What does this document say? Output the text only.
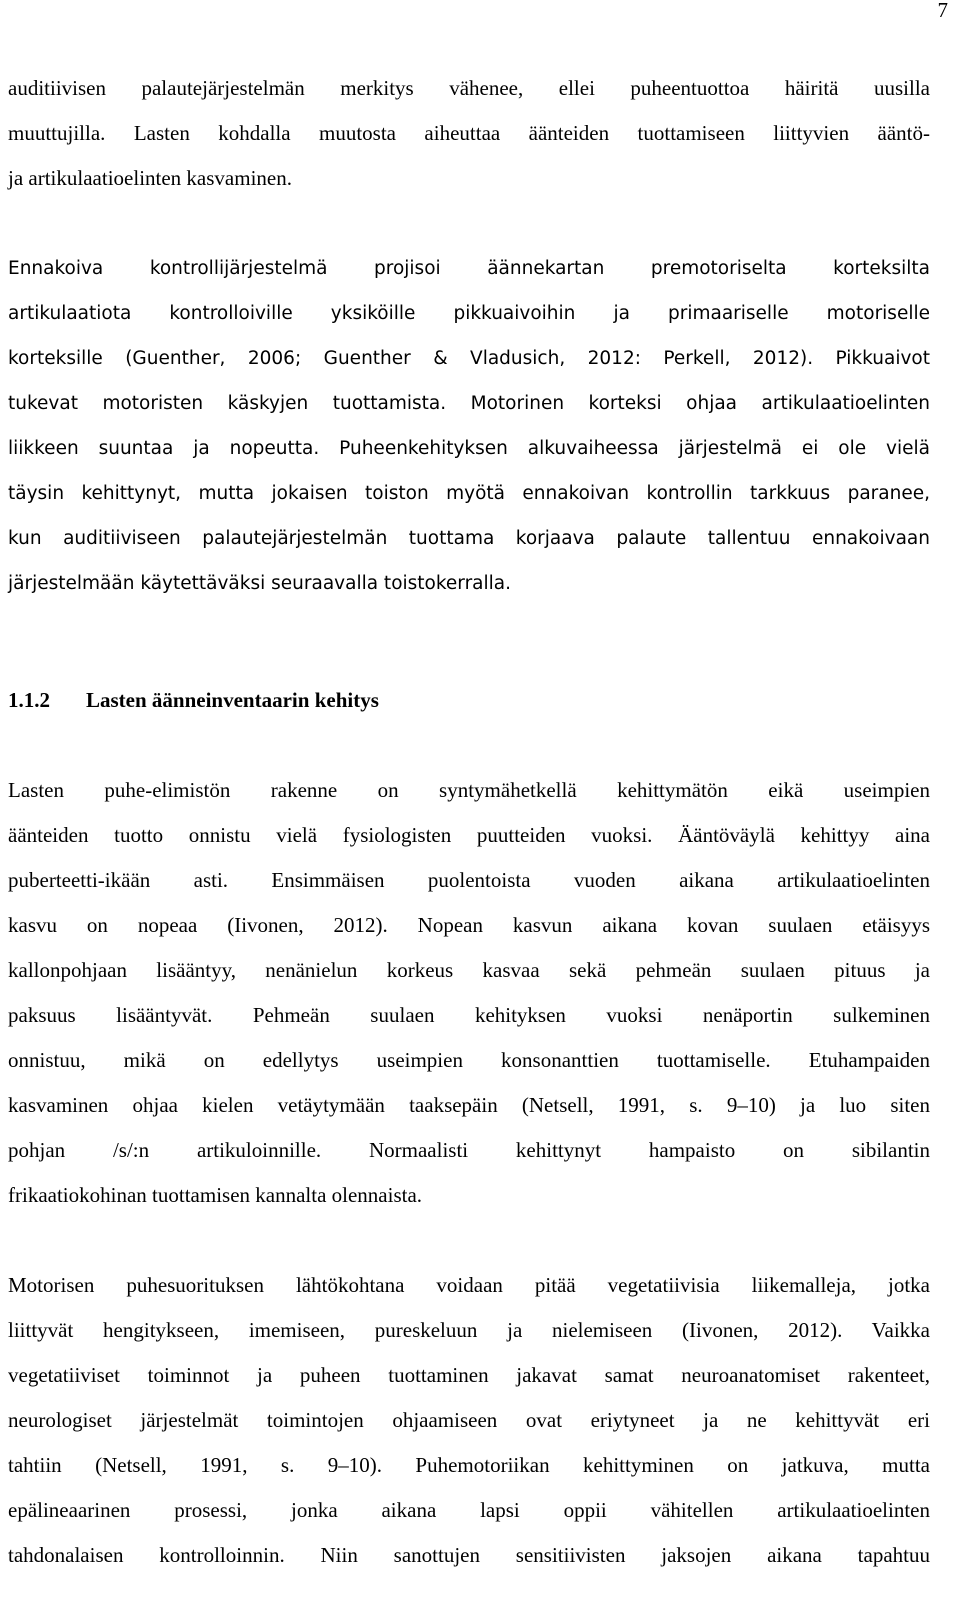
7
auditiivisen palautejärjestelmän merkitys vähenee, ellei puheentuottoa häiritä uusilla
muuttujilla. Lasten kohdalla muutosta aiheuttaa äänteiden tuottamiseen liittyvien ääntö-
ja artikulaatioelinten kasvaminen.
Ennakoiva kontrollijärjestelmä projisoi äännekartan premotoriselta korteksilta
artikulaatiota kontrolloiville yksiköille pikkuaivoihin ja primaariselle motoriselle
korteksille (Guenther, 2006; Guenther & Vladusich, 2012: Perkell, 2012). Pikkuaivot
tukevat motoristen käskyjen tuottamista. Motorinen korteksi ohjaa artikulaatioelinten
liikkeen suuntaa ja nopeutta. Puheenkehityksen alkuvaiheessa järjestelmä ei ole vielä
täysin kehittynyt, mutta jokaisen toiston myötä ennakoivan kontrollin tarkkuus paranee,
kun auditiiviseen palautejärjestelmän tuottama korjaava palaute tallentuu ennakoivaan
järjestelmään käytettäväksi seuraavalla toistokerralla.
1.1.2 Lasten äänneinventaarin kehitys
Lasten puhe-elimistön rakenne on syntymähetkellä kehittymätön eikä useimpien
äänteiden tuotto onnistu vielä fysiologisten puutteiden vuoksi. Ääntöväylä kehittyy aina
puberteetti-ikään asti. Ensimmäisen puolentoista vuoden aikana artikulaatioelinten
kasvu on nopeaa (Iivonen, 2012). Nopean kasvun aikana kovan suulaen etäisyys
kallonpohjaan lisääntyy, nenänielun korkeus kasvaa sekä pehmeän suulaen pituus ja
paksuus lisääntyvät. Pehmeän suulaen kehityksen vuoksi nenäportin sulkeminen
onnistuu, mikä on edellytys useimpien konsonanttien tuottamiselle. Etuhampaiden
kasvaminen ohjaa kielen vetäytymään taaksepäin (Netsell, 1991, s. 9–10) ja luo siten
pohjan /s/:n artikuloinnille. Normaalisti kehittynyt hampaisto on sibilantin
frikaatiokohinan tuottamisen kannalta olennaista.
Motorisen puhesuorituksen lähtökohtana voidaan pitää vegetatiivisia liikemalleja, jotka
liittyvät hengitykseen, imemiseen, pureskeluun ja nielemiseen (Iivonen, 2012). Vaikka
vegetatiiviset toiminnot ja puheen tuottaminen jakavat samat neuroanatomiset rakenteet,
neurologiset järjestelmät toimintojen ohjaamiseen ovat eriytyneet ja ne kehittyvät eri
tahtiin (Netsell, 1991, s. 9–10). Puhemotoriikan kehittyminen on jatkuva, mutta
epälineaarinen prosessi, jonka aikana lapsi oppii vähitellen artikulaatioelinten
tahdonalaisen kontrolloinnin. Niin sanottujen sensitiivisten jaksojen aikana tapahtuu
